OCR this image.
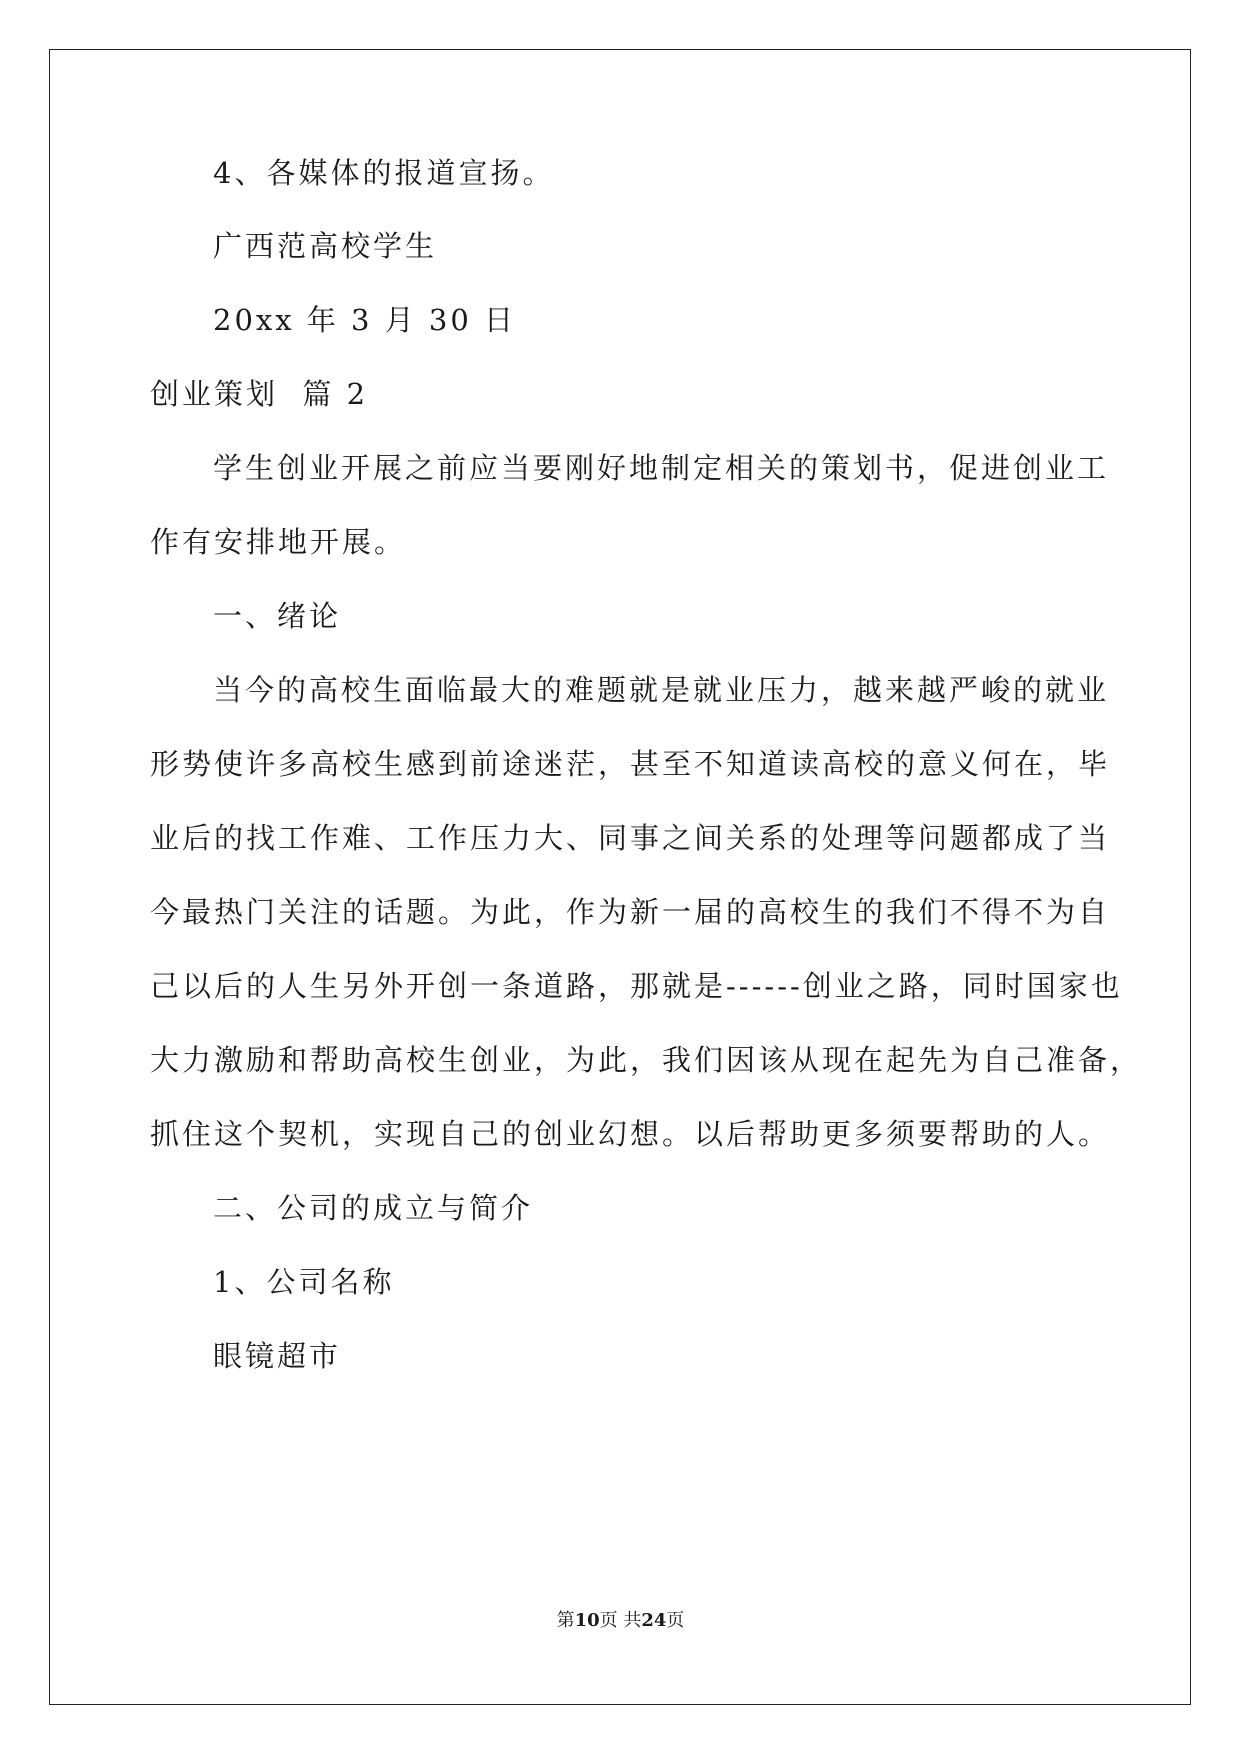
4、各媒体的报道宣扬。
广西范高校学生
20xx 年 3 月 30 日
创业策划  篇 2
学生创业开展之前应当要刚好地制定相关的策划书，促进创业工
作有安排地开展。
一、绪论
当今的高校生面临最大的难题就是就业压力，越来越严峻的就业
形势使许多高校生感到前途迷茫，甚至不知道读高校的意义何在，毕
业后的找工作难、工作压力大、同事之间关系的处理等问题都成了当
今最热门关注的话题。为此，作为新一届的高校生的我们不得不为自
己以后的人生另外开创一条道路，那就是------创业之路，同时国家也
大力激励和帮助高校生创业，为此，我们因该从现在起先为自己准备，
抓住这个契机，实现自己的创业幻想。以后帮助更多须要帮助的人。
二、公司的成立与简介
1、公司名称
眼镜超市
第10页 共24页
